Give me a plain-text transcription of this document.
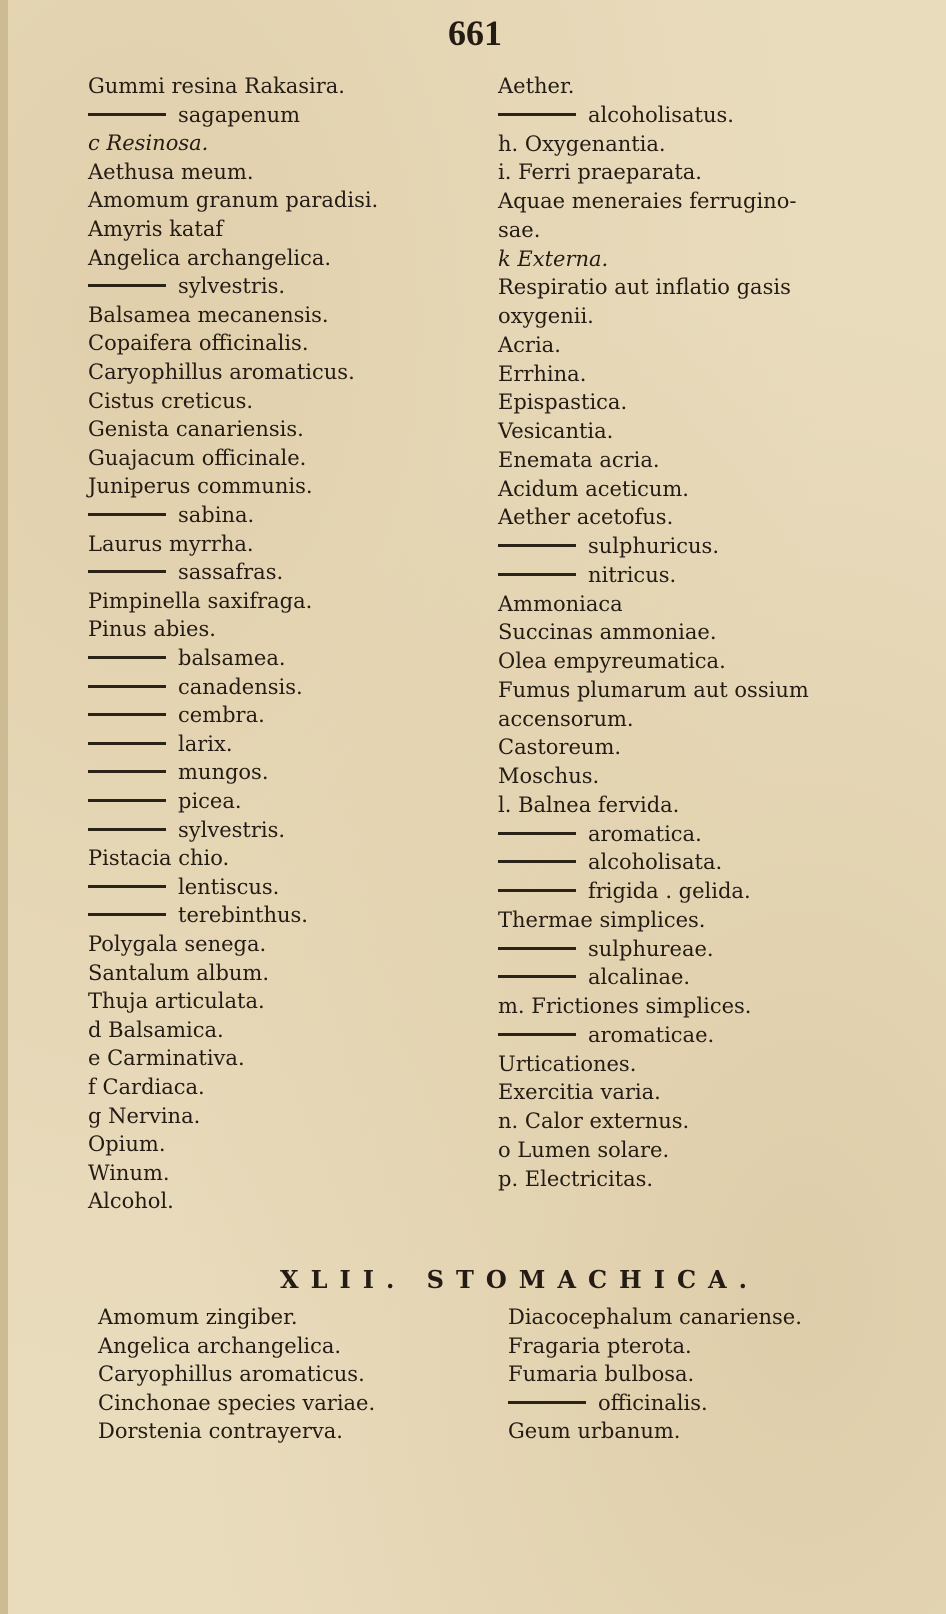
661
Gummi resina Rakasira.
sagapenum
c Resinosa.
Aethusa meum.
Amomum granum paradisi.
Amyris kataf
Angelica archangelica.
sylvestris.
Balsamea mecanensis.
Copaifera officinalis.
Caryophillus aromaticus.
Cistus creticus.
Genista canariensis.
Guajacum officinale.
Juniperus communis.
sabina.
Laurus myrrha.
sassafras.
Pimpinella saxifraga.
Pinus abies.
balsamea.
canadensis.
cembra.
larix.
mungos.
picea.
sylvestris.
Pistacia chio.
lentiscus.
terebinthus.
Polygala senega.
Santalum album.
Thuja articulata.
d Balsamica.
e Carminativa.
f Cardiaca.
g Nervina.
Opium.
Winum.
Alcohol.
Aether.
alcoholisatus.
h. Oxygenantia.
i. Ferri praeparata.
Aquae meneraies ferrugino-
sae.
k Externa.
Respiratio aut inflatio gasis
oxygenii.
Acria.
Errhina.
Epispastica.
Vesicantia.
Enemata acria.
Acidum aceticum.
Aether acetofus.
sulphuricus.
nitricus.
Ammoniaca
Succinas ammoniae.
Olea empyreumatica.
Fumus plumarum aut ossium
accensorum.
Castoreum.
Moschus.
l. Balnea fervida.
aromatica.
alcoholisata.
frigida . gelida.
Thermae simplices.
sulphureae.
alcalinae.
m. Frictiones simplices.
aromaticae.
Urticationes.
Exercitia varia.
n. Calor externus.
o Lumen solare.
p. Electricitas.
Amomum zingiber.
Angelica archangelica.
Caryophillus aromaticus.
Cinchonae species variae.
Dorstenia contrayerva.
Diacocephalum canariense.
Fragaria pterota.
Fumaria bulbosa.
officinalis.
Geum urbanum.
XLII. STOMACHICA.
